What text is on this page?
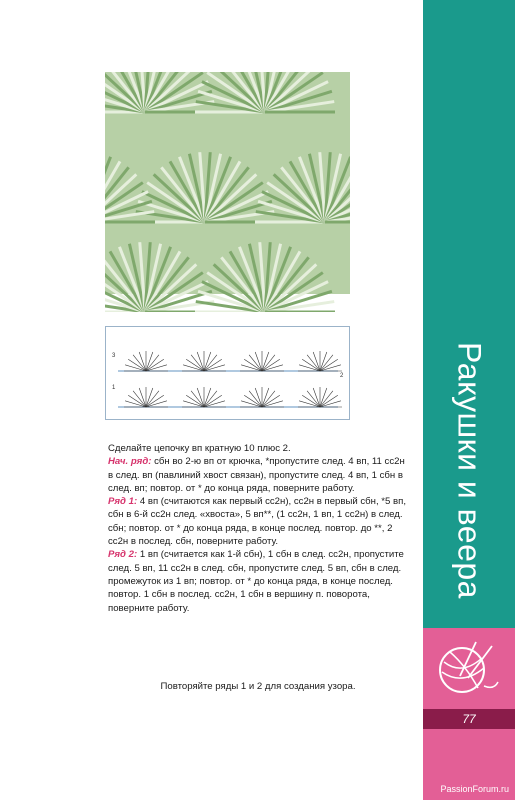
3
2
1

Сделайте цепочку вп кратную 10 плюс 2.

Нач. ряд: сбн во 2-ю вп от крючка, *пропустите след. 4 вп, 11 сс2н в след. вп (павлиний хвост связан), пропустите след. 4 вп, 1 сбн в след. вп; повтор. от * до конца ряда, поверните работу.

Ряд 1: 4 вп (считаются как первый сс2н), сс2н в первый сбн, *5 вп, сбн в 6-й сс2н след. «хвоста», 5 вп**, (1 сс2н, 1 вп, 1 сс2н) в след. сбн; повтор. от * до конца ряда, в конце послед. повтор. до **, 2 сс2н в послед. сбн, поверните работу.

Ряд 2: 1 вп (считается как 1-й сбн), 1 сбн в след. сс2н, пропустите след. 5 вп, 11 сс2н в след. сбн, пропустите след. 5 вп, сбн в след. промежуток из 1 вп; повтор. от * до конца ряда, в конце послед. повтор. 1 сбн в послед. сс2н, 1 сбн в вершину п. поворота, поверните работу.

Повторяйте ряды 1 и 2 для создания узора.
Ракушки и веера
77
PassionForum.ru
